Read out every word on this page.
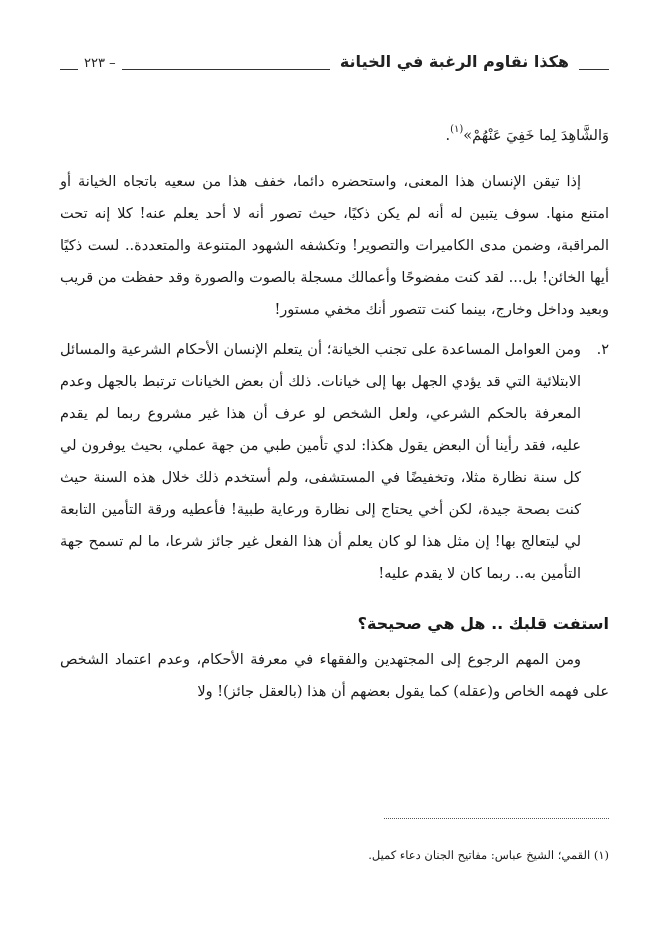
هكذا نقاوم الرغبة في الخيانة
– ٢٢٣

وَالشَّاهِدَ لِما خَفِيَ عَنْهُمْ»$^{(١)}$.

إذا تيقن الإنسان هذا المعنى، واستحضره دائما، خفف هذا من سعيه باتجاه الخيانة أو امتنع منها. سوف يتبين له أنه لم يكن ذكيًا، حيث تصور أنه لا أحد يعلم عنه! كلا إنه تحت المراقبة، وضمن مدى الكاميرات والتصوير! وتكشفه الشهود المتنوعة والمتعددة.. لست ذكيًا أيها الخائن! بل... لقد كنت مفضوحًا وأعمالك مسجلة بالصوت والصورة وقد حفظت من قريب وبعيد وداخل وخارج، بينما كنت تتصور أنك مخفي مستور!

٢.

ومن العوامل المساعدة على تجنب الخيانة؛ أن يتعلم الإنسان الأحكام الشرعية والمسائل الابتلائية التي قد يؤدي الجهل بها إلى خيانات. ذلك أن بعض الخيانات ترتبط بالجهل وعدم المعرفة بالحكم الشرعي، ولعل الشخص لو عرف أن هذا غير مشروع ربما لم يقدم عليه، فقد رأينا أن البعض يقول هكذا: لدي تأمين طبي من جهة عملي، بحيث يوفرون لي كل سنة نظارة مثلا، وتخفيضًا في المستشفى، ولم أستخدم ذلك خلال هذه السنة حيث كنت بصحة جيدة، لكن أخي يحتاج إلى نظارة ورعاية طبية! فأعطيه ورقة التأمين التابعة لي ليتعالج بها! إن مثل هذا لو كان يعلم أن هذا الفعل غير جائز شرعا، ما لم تسمح جهة التأمين به.. ربما كان لا يقدم عليه!

استفت قلبك .. هل هي صحيحة؟

ومن المهم الرجوع إلى المجتهدين والفقهاء في معرفة الأحكام، وعدم اعتماد الشخص على فهمه الخاص و(عقله) كما يقول بعضهم أن هذا (بالعقل جائز)! ولا

(١) القمي؛ الشيخ عباس: مفاتيح الجنان دعاء كميل.
